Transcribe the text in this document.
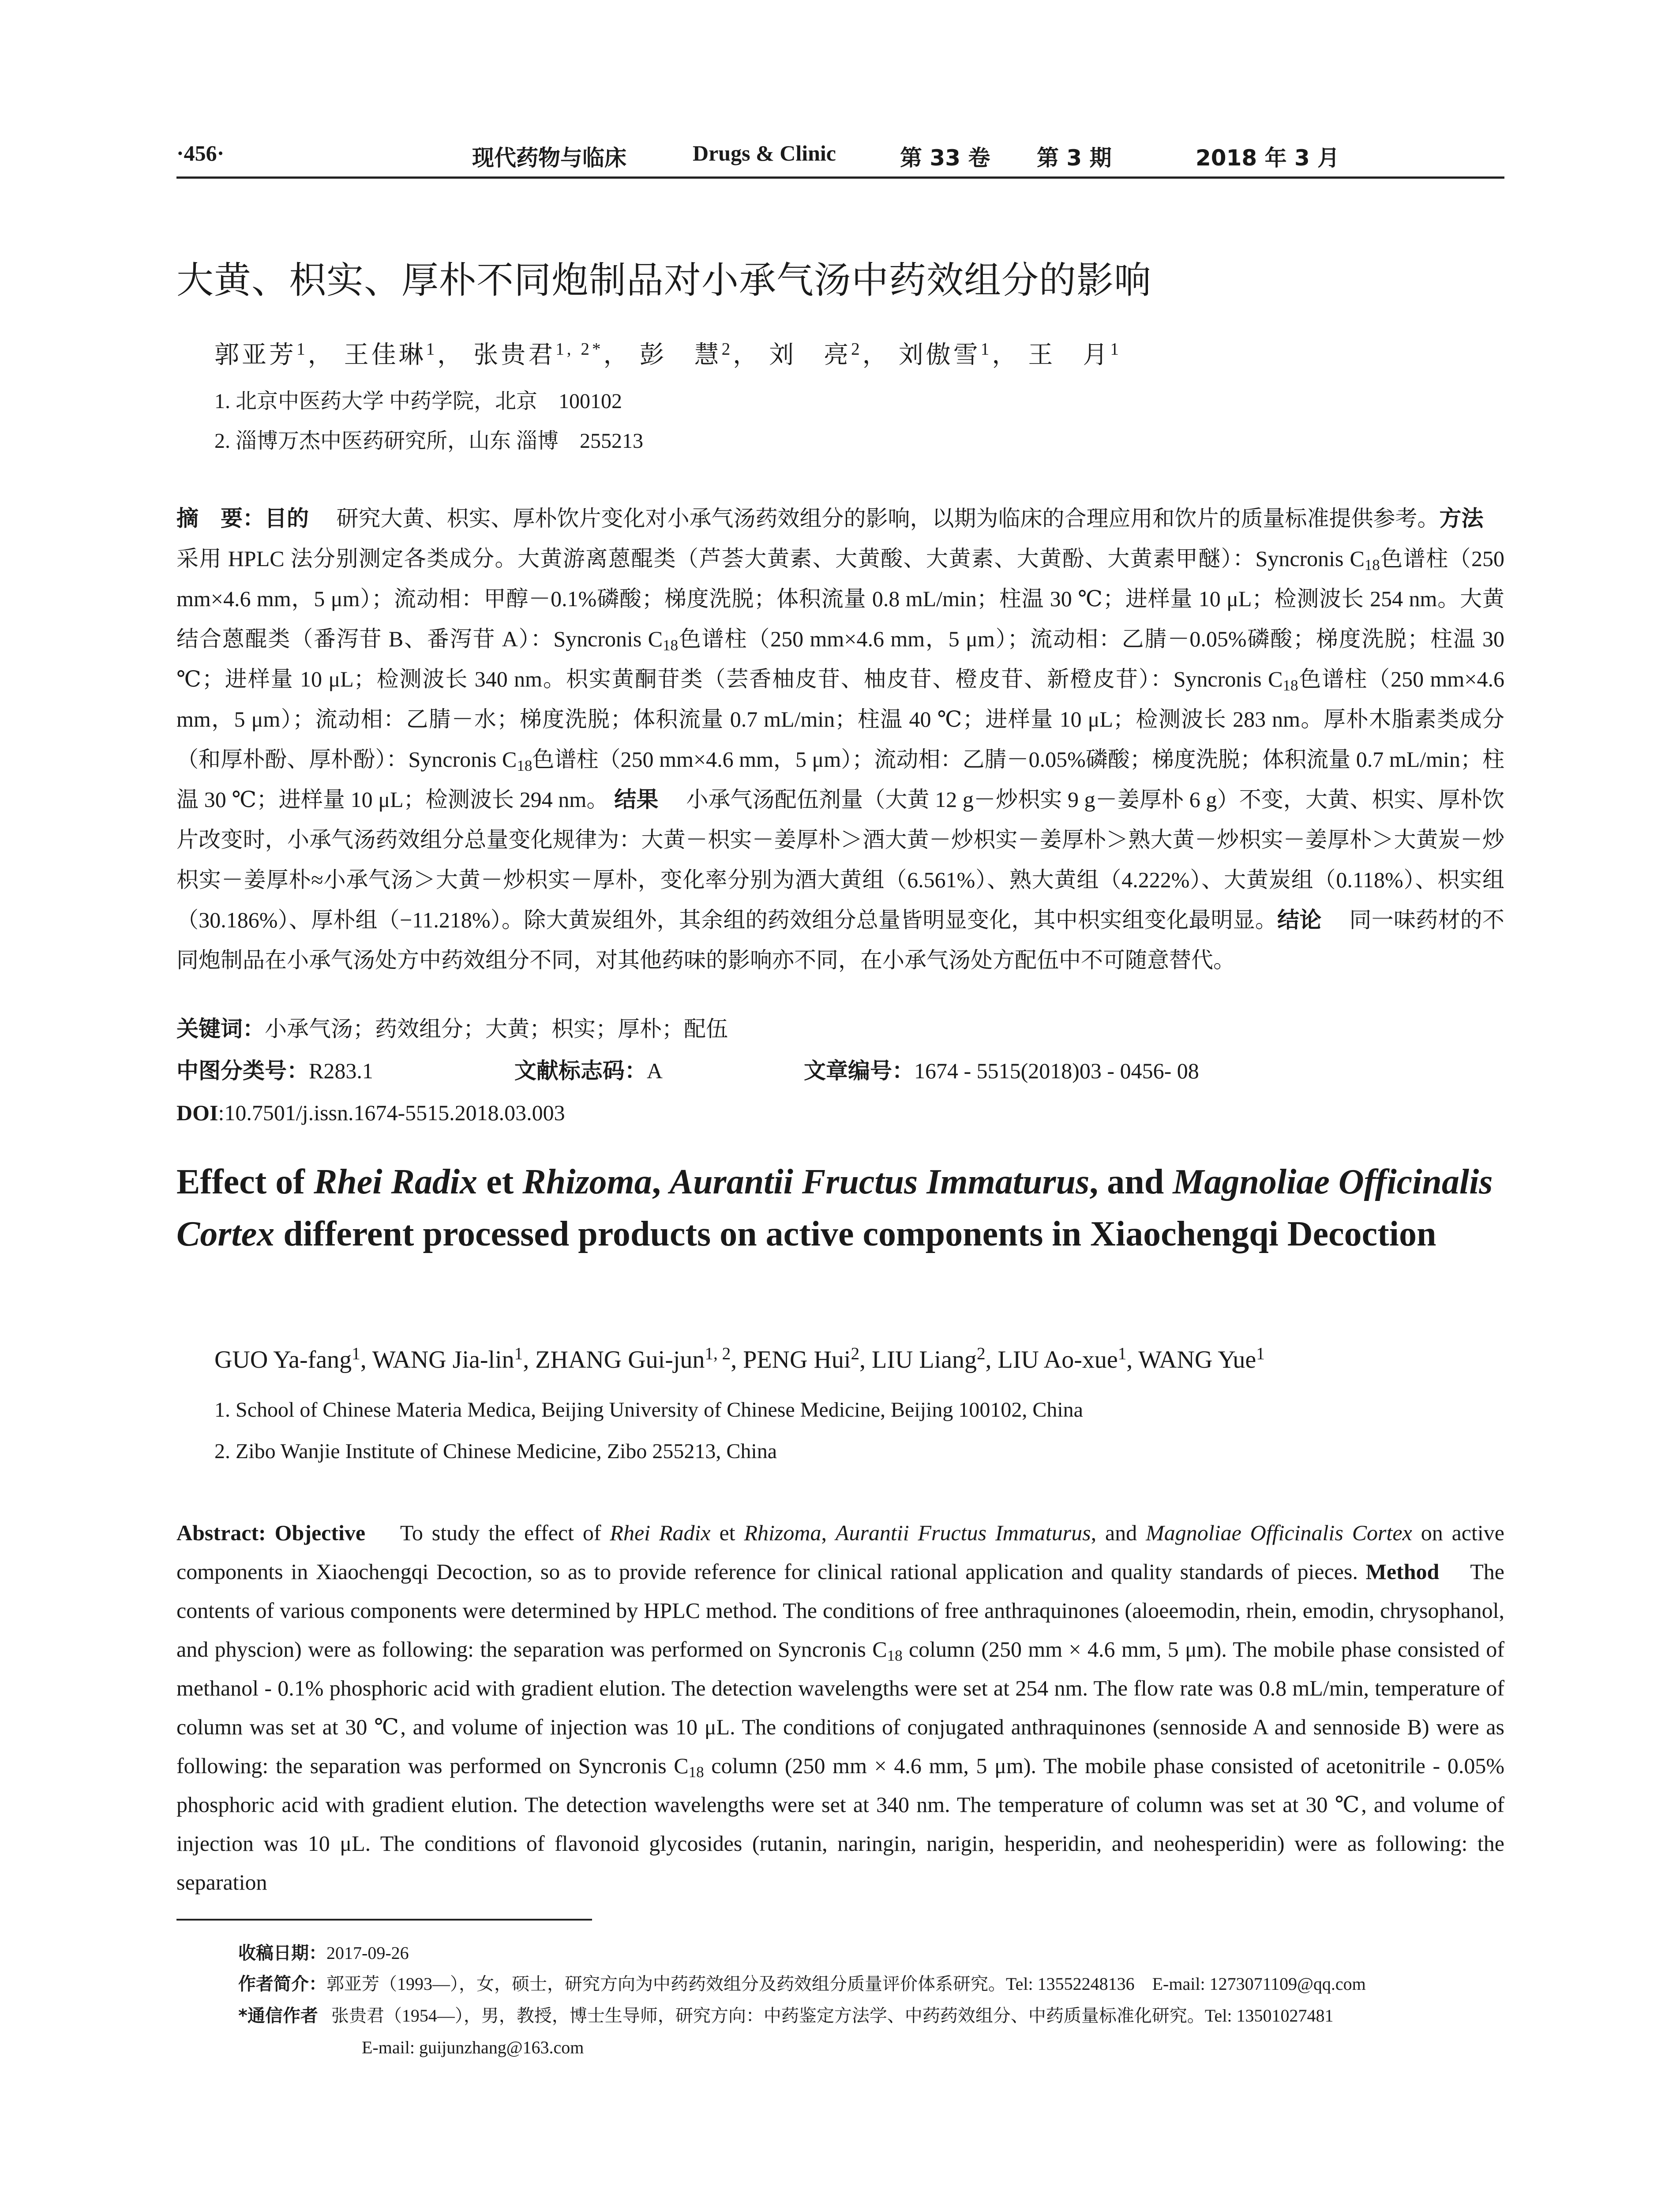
·456·	现代药物与临床	Drugs & Clinic	第 33 卷 第 3 期	2018 年 3 月
大黄、枳实、厚朴不同炮制品对小承气汤中药效组分的影响
郭亚芳$^1$， 王佳琳$^1$， 张贵君$^{1, 2*}$， 彭　慧$^2$， 刘　亮$^2$， 刘傲雪$^1$， 王　月$^1$
1. 北京中医药大学 中药学院，北京　100102
2. 淄博万杰中医药研究所，山东 淄博　255213
摘　要：目的　 研究大黄、枳实、厚朴饮片变化对小承气汤药效组分的影响，以期为临床的合理应用和饮片的质量标准提供参考。方法　 采用 HPLC 法分别测定各类成分。大黄游离蒽醌类（芦荟大黄素、大黄酸、大黄素、大黄酚、大黄素甲醚）：Syncronis $C_{18}$色谱柱（250 mm×4.6 mm，5 μm）；流动相：甲醇－0.1%磷酸；梯度洗脱；体积流量 0.8 mL/min；柱温 30 ℃；进样量 10 μL；检测波长 254 nm。大黄结合蒽醌类（番泻苷 B、番泻苷 A）：Syncronis $C_{18}$色谱柱（250 mm×4.6 mm，5 μm）；流动相：乙腈－0.05%磷酸；梯度洗脱；柱温 30 ℃；进样量 10 μL；检测波长 340 nm。枳实黄酮苷类（芸香柚皮苷、柚皮苷、橙皮苷、新橙皮苷）：Syncronis $C_{18}$色谱柱（250 mm×4.6 mm，5 μm）；流动相：乙腈－水；梯度洗脱；体积流量 0.7 mL/min；柱温 40 ℃；进样量 10 μL；检测波长 283 nm。厚朴木脂素类成分（和厚朴酚、厚朴酚）：Syncronis $C_{18}$色谱柱（250 mm×4.6 mm，5 μm）；流动相：乙腈－0.05%磷酸；梯度洗脱；体积流量 0.7 mL/min；柱温 30 ℃；进样量 10 μL；检测波长 294 nm。 结果　 小承气汤配伍剂量（大黄 12 g－炒枳实 9 g－姜厚朴 6 g）不变，大黄、枳实、厚朴饮片改变时，小承气汤药效组分总量变化规律为：大黄－枳实－姜厚朴＞酒大黄－炒枳实－姜厚朴＞熟大黄－炒枳实－姜厚朴＞大黄炭－炒枳实－姜厚朴≈小承气汤＞大黄－炒枳实－厚朴，变化率分别为酒大黄组（6.561%）、熟大黄组（4.222%）、大黄炭组（0.118%）、枳实组（30.186%）、厚朴组（−11.218%）。除大黄炭组外，其余组的药效组分总量皆明显变化，其中枳实组变化最明显。结论　 同一味药材的不同炮制品在小承气汤处方中药效组分不同，对其他药味的影响亦不同，在小承气汤处方配伍中不可随意替代。
关键词：小承气汤；药效组分；大黄；枳实；厚朴；配伍
中图分类号：R283.1	文献标志码：A	文章编号：1674 - 5515(2018)03 - 0456- 08
DOI:10.7501/j.issn.1674-5515.2018.03.003
Effect of Rhei Radix et Rhizoma, Aurantii Fructus Immaturus, and Magnoliae Officinalis Cortex different processed products on active components in Xiaochengqi Decoction
GUO Ya-fang$^1$, WANG Jia-lin$^1$, ZHANG Gui-jun$^{1, 2}$, PENG Hui$^2$, LIU Liang$^2$, LIU Ao-xue$^1$, WANG Yue$^1$
1. School of Chinese Materia Medica, Beijing University of Chinese Medicine, Beijing 100102, China
2. Zibo Wanjie Institute of Chinese Medicine, Zibo 255213, China
Abstract: Objective To study the effect of Rhei Radix et Rhizoma, Aurantii Fructus Immaturus, and Magnoliae Officinalis Cortex on active components in Xiaochengqi Decoction, so as to provide reference for clinical rational application and quality standards of pieces. Method The contents of various components were determined by HPLC method. The conditions of free anthraquinones (aloeemodin, rhein, emodin, chrysophanol, and physcion) were as following: the separation was performed on Syncronis $C_{18}$ column (250 mm × 4.6 mm, 5 μm). The mobile phase consisted of methanol - 0.1% phosphoric acid with gradient elution. The detection wavelengths were set at 254 nm. The flow rate was 0.8 mL/min, temperature of column was set at 30 ℃, and volume of injection was 10 μL. The conditions of conjugated anthraquinones (sennoside A and sennoside B) were as following: the separation was performed on Syncronis $C_{18}$ column (250 mm × 4.6 mm, 5 μm). The mobile phase consisted of acetonitrile - 0.05% phosphoric acid with gradient elution. The detection wavelengths were set at 340 nm. The temperature of column was set at 30 ℃, and volume of injection was 10 μL. The conditions of flavonoid glycosides (rutanin, naringin, narigin, hesperidin, and neohesperidin) were as following: the separation
收稿日期：2017-09-26
作者简介：郭亚芳（1993—），女，硕士，研究方向为中药药效组分及药效组分质量评价体系研究。Tel: 13552248136　E-mail: 1273071109@qq.com
*通信作者 张贵君（1954—），男，教授，博士生导师，研究方向：中药鉴定方法学、中药药效组分、中药质量标准化研究。Tel: 13501027481
E-mail: guijunzhang@163.com
